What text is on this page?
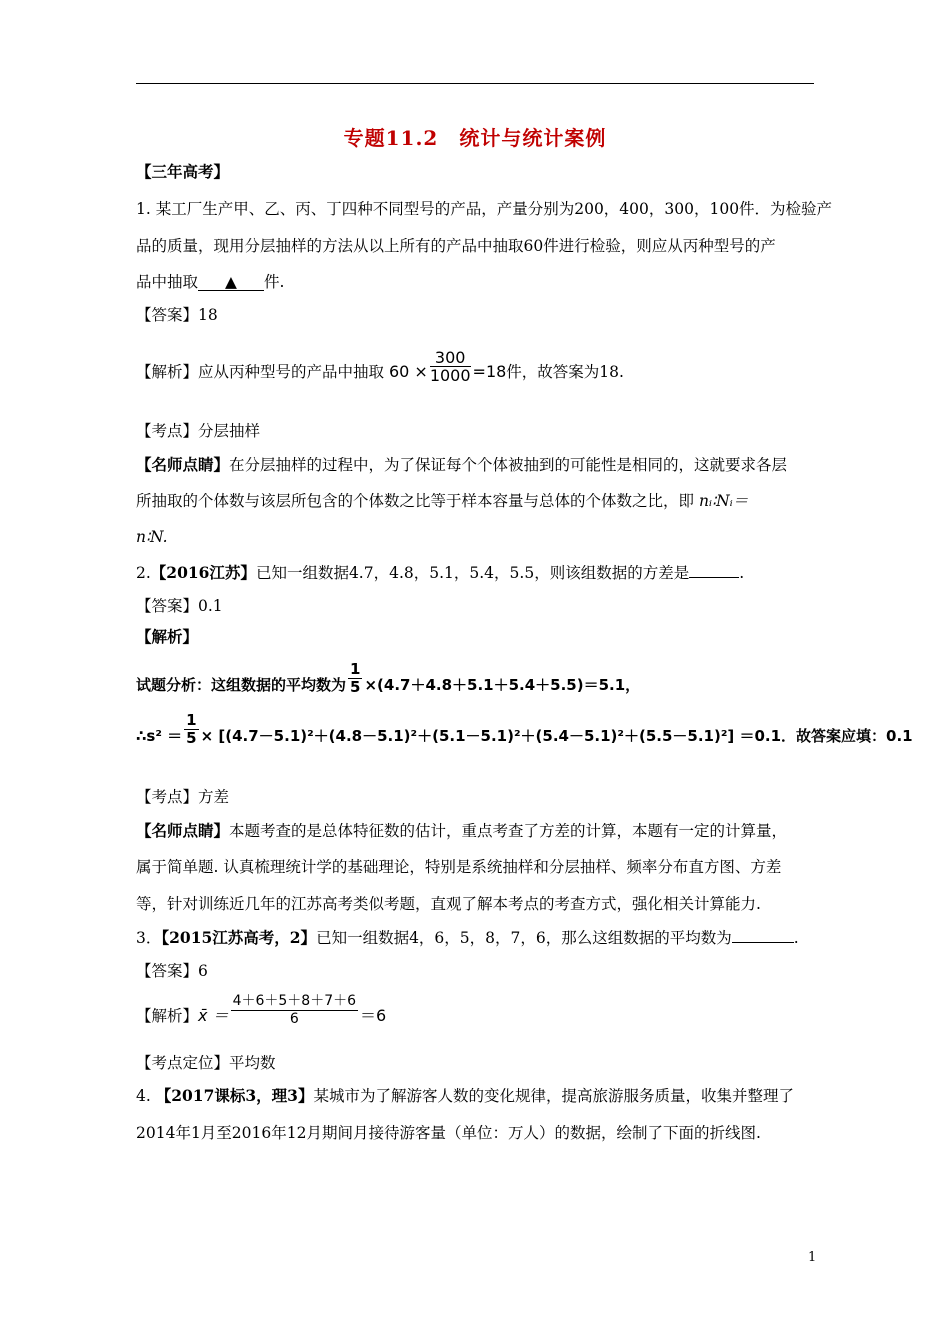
专题11.2　统计与统计案例
【三年高考】
1. 某工厂生产甲、乙、丙、丁四种不同型号的产品，产量分别为200，400，300，100件．为检验产
品的质量，现用分层抽样的方法从以上所有的产品中抽取60件进行检验，则应从丙种型号的产
品中抽取 ▲ 件.
【答案】18
【解析】应从丙种型号的产品中抽取 $60 \times \frac{300}{1000} =18$件，故答案为18.
【考点】分层抽样
【名师点睛】在分层抽样的过程中，为了保证每个个体被抽到的可能性是相同的，这就要求各层
所抽取的个体数与该层所包含的个体数之比等于样本容量与总体的个体数之比，即 nᵢ∶Nᵢ＝
n∶N.
2.【2016江苏】已知一组数据4.7，4.8，5.1，5.4，5.5，则该组数据的方差是	.
【答案】0.1
【解析】
试题分析：这组数据的平均数为 $\frac{1}{5} \times(4.7+4.8+5.1+5.4+5.5)=5.1$，
∴s² ＝ $\frac{1}{5} \times [(4.7-5.1)^2+(4.8-5.1)^2+(5.1-5.1)^2+(5.4-5.1)^2+(5.5-5.1)^2] =0.1$．故答案应填：0.1
【考点】方差
【名师点睛】本题考查的是总体特征数的估计，重点考查了方差的计算，本题有一定的计算量，
属于简单题. 认真梳理统计学的基础理论，特别是系统抽样和分层抽样、频率分布直方图、方差
等，针对训练近几年的江苏高考类似考题，直观了解本考点的考查方式，强化相关计算能力.
3．【2015江苏高考，2】已知一组数据4，6，5，8，7，6，那么这组数据的平均数为	.
【答案】6
【解析】x̄ ＝ $\frac{4+6+5+8+7+6}{6} =6$
【考点定位】平均数
4. 【2017课标3，理3】某城市为了解游客人数的变化规律，提高旅游服务质量，收集并整理了
2014年1月至2016年12月期间月接待游客量（单位：万人）的数据，绘制了下面的折线图.
1
